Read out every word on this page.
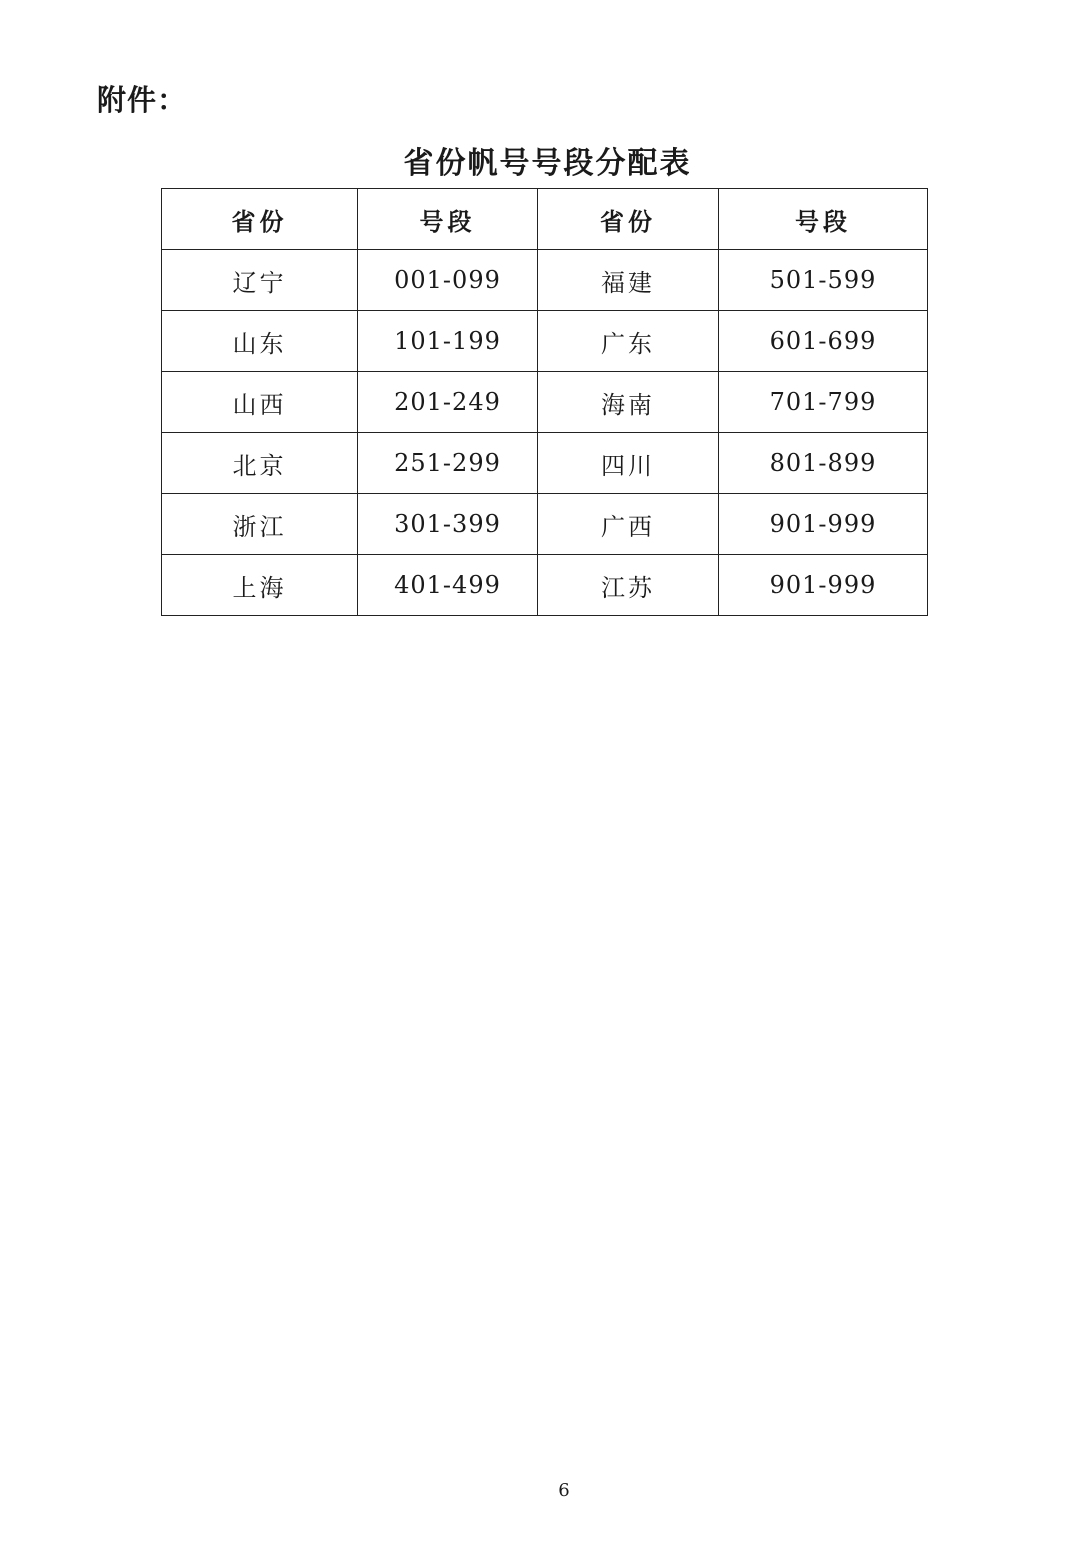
附件：
省份帆号号段分配表
省份	号段	省份	号段
辽宁	001-099	福建	501-599
山东	101-199	广东	601-699
山西	201-249	海南	701-799
北京	251-299	四川	801-899
浙江	301-399	广西	901-999
上海	401-499	江苏	901-999
6
